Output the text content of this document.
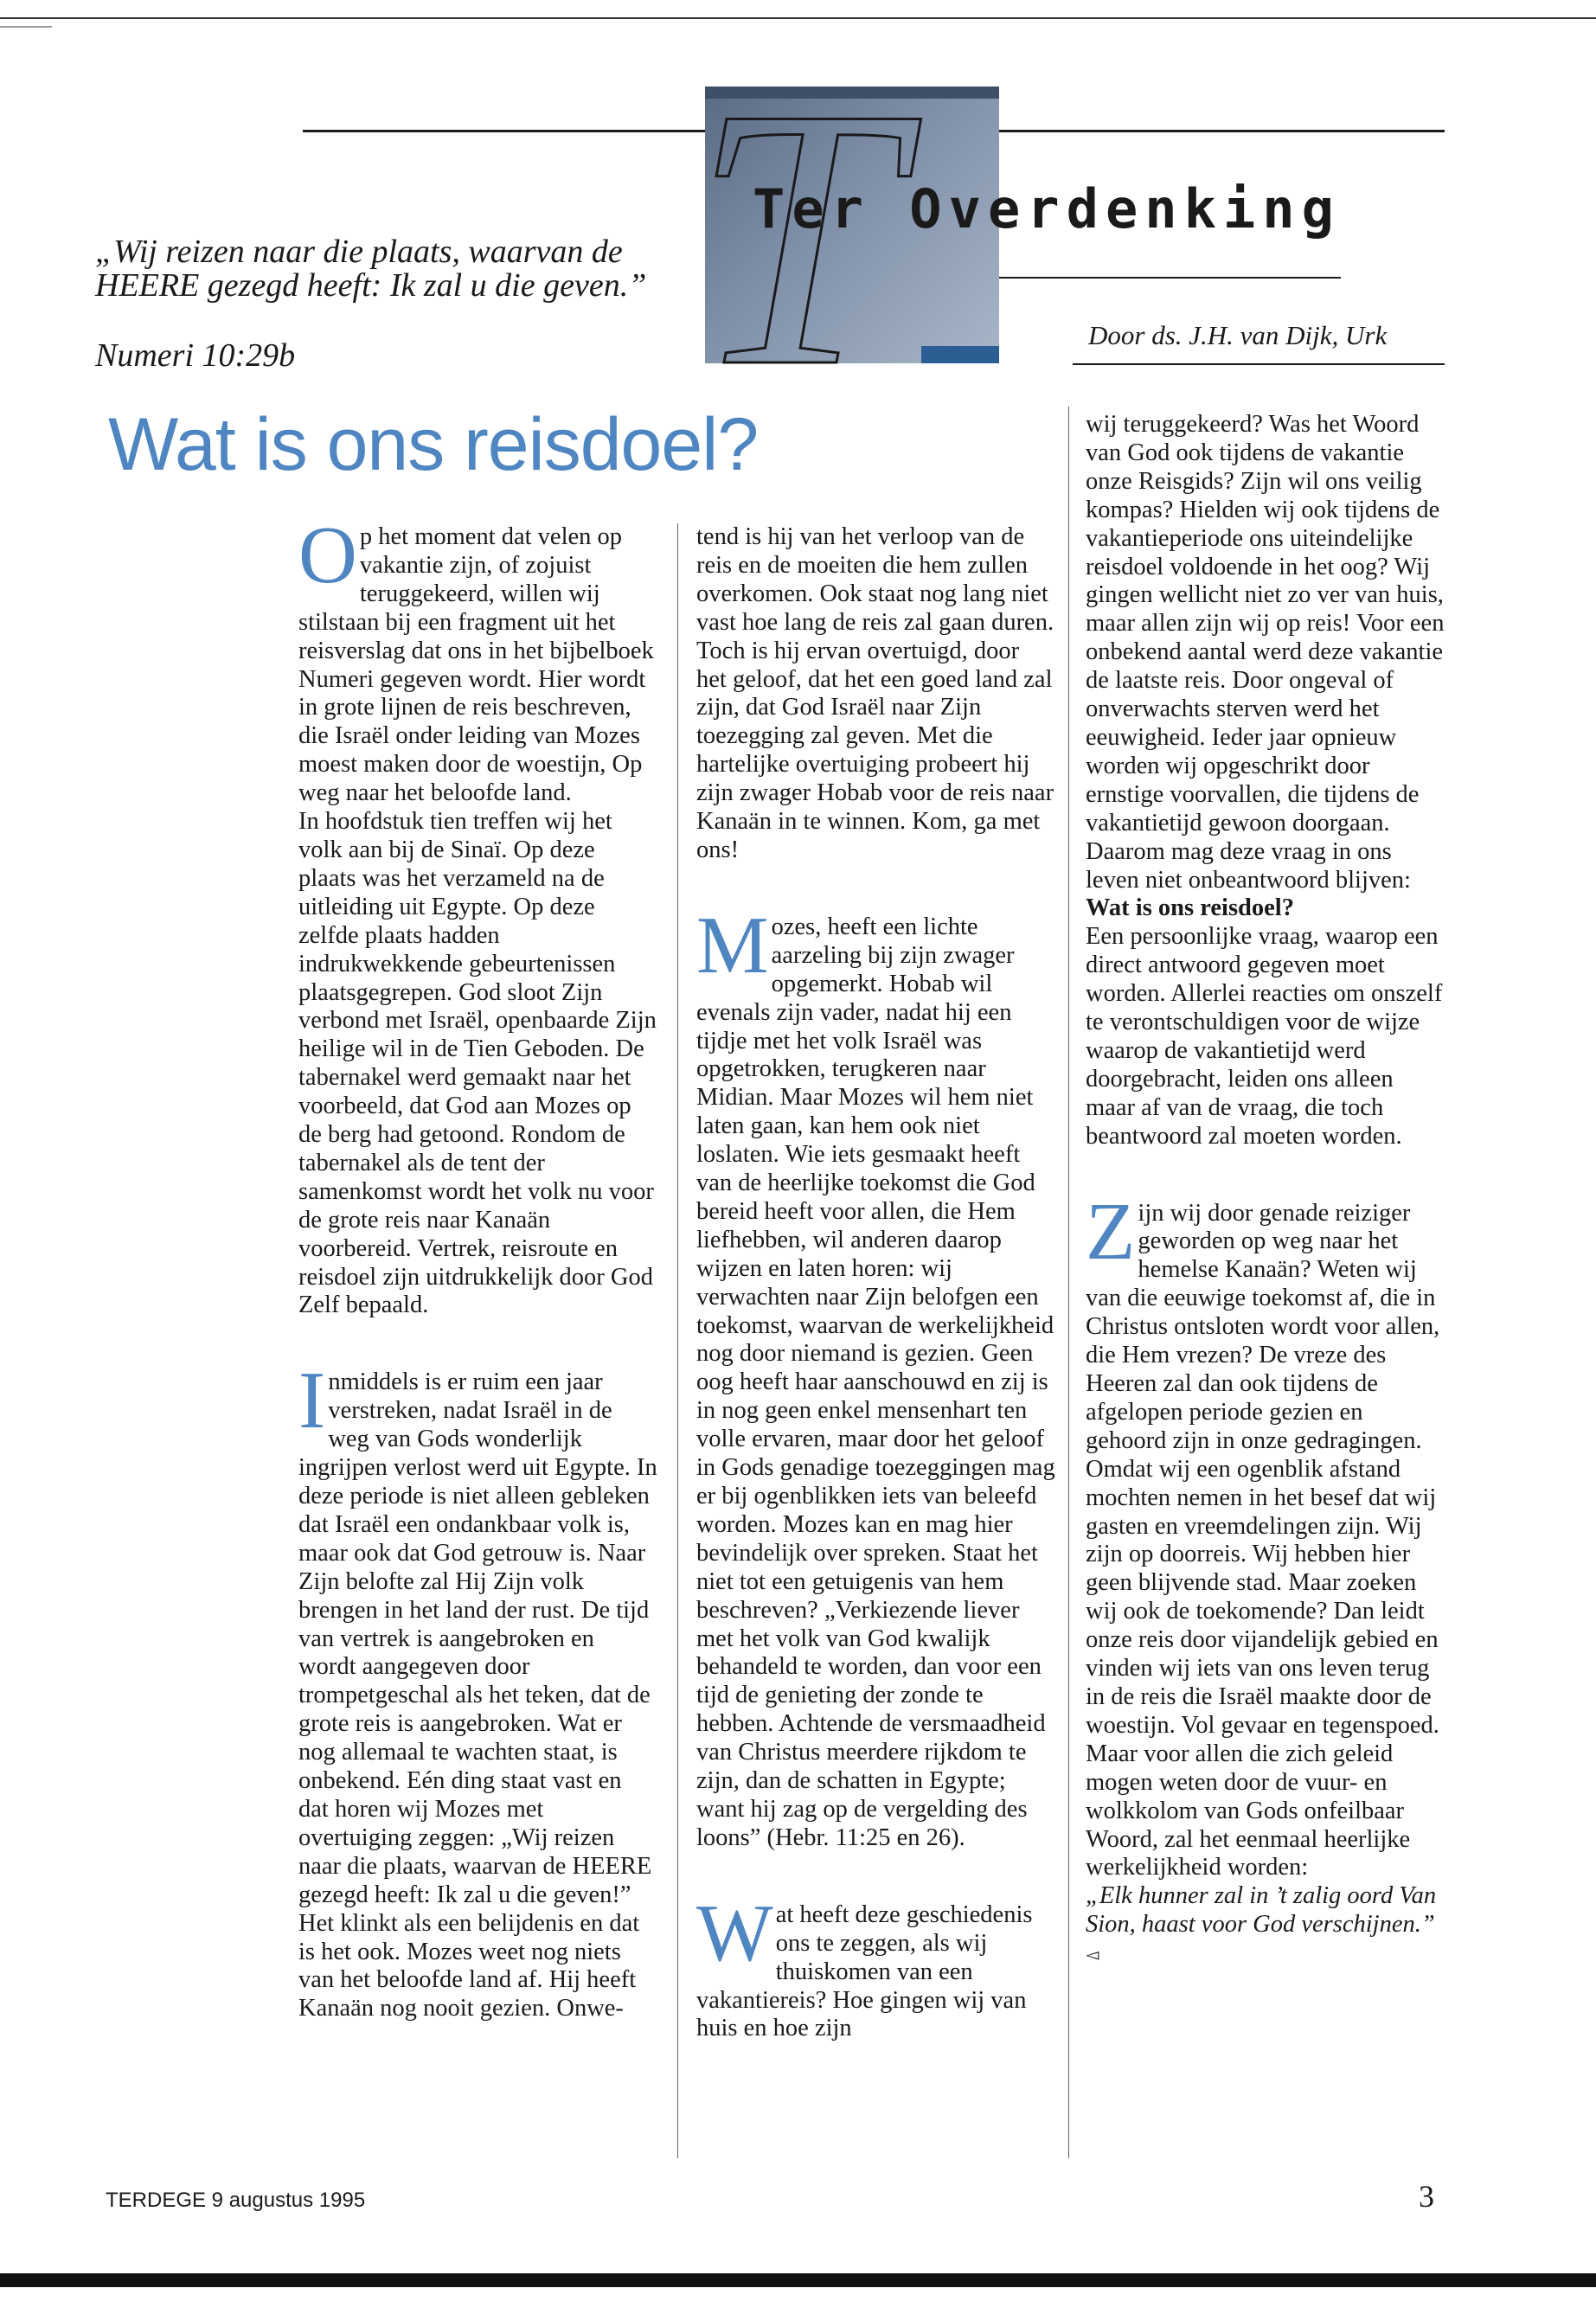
T
Ter Overdenking
„Wij reizen naar die plaats, waarvan de HEERE gezegd heeft: Ik zal u die geven.”
Numeri 10:29b
Door ds. J.H. van Dijk, Urk
Wat is ons reisdoel?

Op het moment dat velen op vakantie zijn, of zojuist teruggekeerd, willen wij stilstaan bij een fragment uit het reisverslag dat ons in het bijbelboek Numeri gegeven wordt. Hier wordt in grote lijnen de reis beschreven, die Israël onder leiding van Mozes moest maken door de woestijn, Op weg naar het beloofde land.

In hoofdstuk tien treffen wij het volk aan bij de Sinaï. Op deze plaats was het verzameld na de uitleiding uit Egypte. Op deze zelfde plaats hadden indrukwekkende gebeurtenissen plaatsgegrepen. God sloot Zijn verbond met Israël, openbaarde Zijn heilige wil in de Tien Geboden. De tabernakel werd gemaakt naar het voorbeeld, dat God aan Mozes op de berg had getoond. Rondom de tabernakel als de tent der samenkomst wordt het volk nu voor de grote reis naar Kanaän voorbereid. Vertrek, reisroute en reisdoel zijn uitdrukkelijk door God Zelf bepaald.

Inmiddels is er ruim een jaar verstreken, nadat Israël in de weg van Gods wonderlijk ingrijpen verlost werd uit Egypte. In deze periode is niet alleen gebleken dat Israël een ondankbaar volk is, maar ook dat God getrouw is. Naar Zijn belofte zal Hij Zijn volk brengen in het land der rust. De tijd van vertrek is aangebroken en wordt aangegeven door trompetgeschal als het teken, dat de grote reis is aangebroken. Wat er nog allemaal te wachten staat, is onbekend. Eén ding staat vast en dat horen wij Mozes met overtuiging zeggen: „Wij reizen naar die plaats, waarvan de HEERE gezegd heeft: Ik zal u die geven!” Het klinkt als een belijdenis en dat is het ook. Mozes weet nog niets van het beloofde land af. Hij heeft Kanaän nog nooit gezien. Onwe-

tend is hij van het verloop van de reis en de moeiten die hem zullen overkomen. Ook staat nog lang niet vast hoe lang de reis zal gaan duren. Toch is hij ervan overtuigd, door het geloof, dat het een goed land zal zijn, dat God Israël naar Zijn toezegging zal geven. Met die hartelijke overtuiging probeert hij zijn zwager Hobab voor de reis naar Kanaän in te winnen. Kom, ga met ons!

Mozes, heeft een lichte aarzeling bij zijn zwager opgemerkt. Hobab wil evenals zijn vader, nadat hij een tijdje met het volk Israël was opgetrokken, terugkeren naar Midian. Maar Mozes wil hem niet laten gaan, kan hem ook niet loslaten. Wie iets gesmaakt heeft van de heerlijke toekomst die God bereid heeft voor allen, die Hem liefhebben, wil anderen daarop wijzen en laten horen: wij verwachten naar Zijn belofgen een toekomst, waarvan de werkelijkheid nog door niemand is gezien. Geen oog heeft haar aanschouwd en zij is in nog geen enkel mensenhart ten volle ervaren, maar door het geloof in Gods genadige toezeggingen mag er bij ogenblikken iets van beleefd worden. Mozes kan en mag hier bevindelijk over spreken. Staat het niet tot een getuigenis van hem beschreven? „Verkiezende liever met het volk van God kwalijk behandeld te worden, dan voor een tijd de genieting der zonde te hebben. Achtende de versmaadheid van Christus meerdere rijkdom te zijn, dan de schatten in Egypte; want hij zag op de vergelding des loons” (Hebr. 11:25 en 26).

Wat heeft deze geschiedenis ons te zeggen, als wij thuiskomen van een vakantiereis? Hoe gingen wij van huis en hoe zijn

wij teruggekeerd? Was het Woord van God ook tijdens de vakantie onze Reisgids? Zijn wil ons veilig kompas? Hielden wij ook tijdens de vakantieperiode ons uiteindelijke reisdoel voldoende in het oog? Wij gingen wellicht niet zo ver van huis, maar allen zijn wij op reis! Voor een onbekend aantal werd deze vakantie de laatste reis. Door ongeval of onverwachts sterven werd het eeuwigheid. Ieder jaar opnieuw worden wij opgeschrikt door ernstige voorvallen, die tijdens de vakantietijd gewoon doorgaan. Daarom mag deze vraag in ons leven niet onbeantwoord blijven: Wat is ons reisdoel?

Een persoonlijke vraag, waarop een direct antwoord gegeven moet worden. Allerlei reacties om onszelf te verontschuldigen voor de wijze waarop de vakantietijd werd doorgebracht, leiden ons alleen maar af van de vraag, die toch beantwoord zal moeten worden.

Zijn wij door genade reiziger geworden op weg naar het hemelse Kanaän? Weten wij van die eeuwige toekomst af, die in Christus ontsloten wordt voor allen, die Hem vrezen? De vreze des Heeren zal dan ook tijdens de afgelopen periode gezien en gehoord zijn in onze gedragingen. Omdat wij een ogenblik afstand mochten nemen in het besef dat wij gasten en vreemdelingen zijn. Wij zijn op doorreis. Wij hebben hier geen blijvende stad. Maar zoeken wij ook de toekomende? Dan leidt onze reis door vijandelijk gebied en vinden wij iets van ons leven terug in de reis die Israël maakte door de woestijn. Vol gevaar en tegenspoed. Maar voor allen die zich geleid mogen weten door de vuur- en wolkkolom van Gods onfeilbaar Woord, zal het eenmaal heerlijke werkelijkheid worden:

„Elk hunner zal in ’t zalig oord Van Sion, haast voor God verschijnen.” ◅

TERDEGE 9 augustus 1995	3
